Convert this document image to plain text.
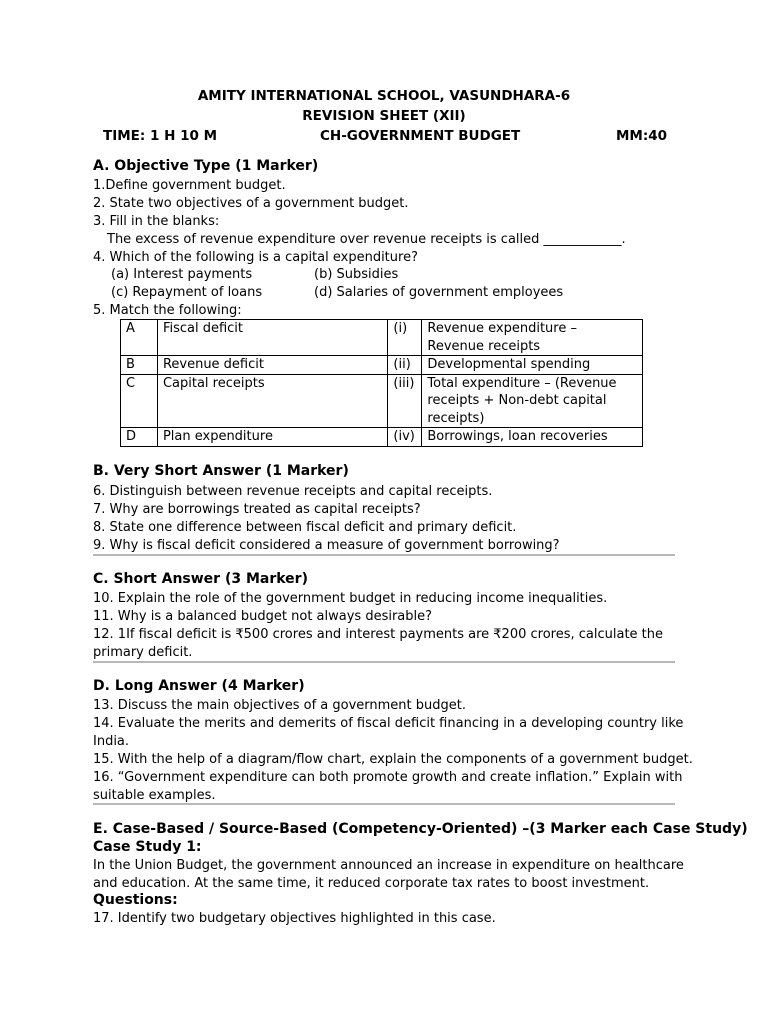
AMITY INTERNATIONAL SCHOOL, VASUNDHARA-6
REVISION SHEET (XII)
TIME: 1 H 10 M	CH-GOVERNMENT BUDGET	MM:40
A. Objective Type (1 Marker)
1.Define government budget.
2. State two objectives of a government budget.
3. Fill in the blanks:
The excess of revenue expenditure over revenue receipts is called ____________.
4. Which of the following is a capital expenditure?
(a) Interest payments	(b) Subsidies
(c) Repayment of loans	(d) Salaries of government employees
5. Match the following:
A	Fiscal deficit	(i)	Revenue expenditure – Revenue receipts
B	Revenue deficit	(ii)	Developmental spending
C	Capital receipts	(iii)	Total expenditure – (Revenue receipts + Non-debt capital receipts)
D	Plan expenditure	(iv)	Borrowings, loan recoveries
B. Very Short Answer (1 Marker)
6. Distinguish between revenue receipts and capital receipts.
7. Why are borrowings treated as capital receipts?
8. State one difference between fiscal deficit and primary deficit.
9. Why is fiscal deficit considered a measure of government borrowing?
C. Short Answer (3 Marker)
10. Explain the role of the government budget in reducing income inequalities.
11. Why is a balanced budget not always desirable?
12. 1If fiscal deficit is ₹500 crores and interest payments are ₹200 crores, calculate the
primary deficit.
D. Long Answer (4 Marker)
13. Discuss the main objectives of a government budget.
14. Evaluate the merits and demerits of fiscal deficit financing in a developing country like
India.
15. With the help of a diagram/flow chart, explain the components of a government budget.
16. “Government expenditure can both promote growth and create inflation.” Explain with
suitable examples.
E. Case-Based / Source-Based (Competency-Oriented) –(3 Marker each Case Study)
Case Study 1:
In the Union Budget, the government announced an increase in expenditure on healthcare
and education. At the same time, it reduced corporate tax rates to boost investment.
Questions:
17. Identify two budgetary objectives highlighted in this case.
